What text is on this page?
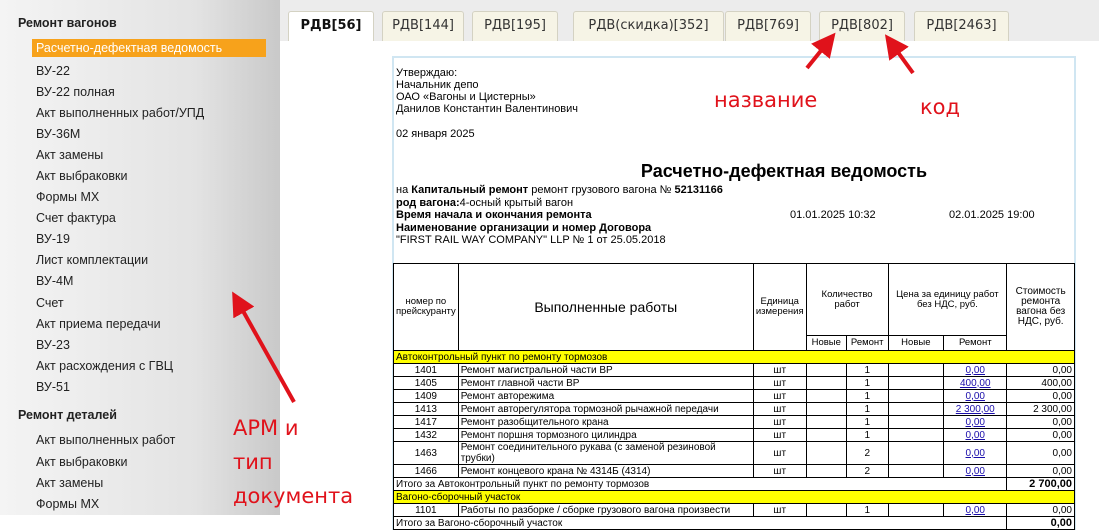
Ремонт вагонов
Расчетно-дефектная ведомость
ВУ-22
ВУ-22 полная
Акт выполненных работ/УПД
ВУ-36М
Акт замены
Акт выбраковки
Формы МХ
Счет фактура
ВУ-19
Лист комплектации
ВУ-4М
Счет
Акт приема передачи
ВУ-23
Акт расхождения с ГВЦ
ВУ-51
Ремонт деталей
Акт выполненных работ
Акт выбраковки
Акт замены
Формы МХ
РДВ[56]	РДВ[144]	РДВ[195]	РДВ(скидка)[352]	РДВ[769]	РДВ[802]	РДВ[2463]
Утверждаю:
Начальник депо
ОАО «Вагоны и Цистерны»
Данилов Константин Валентинович
02 января 2025
Расчетно-дефектная ведомость
на Капитальный ремонт ремонт грузового вагона № 52131166
род вагона:4-осный крытый вагон
Время начала и окончания ремонта	01.01.2025 10:32	02.01.2025 19:00
Наименование организации и номер Договора
"FIRST RAIL WAY COMPANY" LLP № 1 от 25.05.2018
номер по прейскуранту	Выполненные работы	Единица измерения	Количество работ		Цена за единицу работ без НДС, руб.		Стоимость ремонта вагона без НДС, руб.
			Новые	Ремонт	Новые	Ремонт	
Автоконтрольный пункт по ремонту тормозов							
1401	Ремонт магистральной части ВР	шт		1		0,00	0,00
1405	Ремонт главной части ВР	шт		1		400,00	400,00
1409	Ремонт авторежима	шт		1		0,00	0,00
1413	Ремонт авторегулятора тормозной рычажной передачи	шт		1		2 300,00	2 300,00
1417	Ремонт разобщительного крана	шт		1		0,00	0,00
1432	Ремонт поршня тормозного цилиндра	шт		1		0,00	0,00
1463	Ремонт соединительного рукава (с заменой резиновой трубки)	шт		2		0,00	0,00
1466	Ремонт концевого крана № 4314Б (4314)	шт		2		0,00	0,00
Итого за Автоконтрольный пункт по ремонту тормозов							2 700,00
Вагоно-сборочный участок							
1101	Работы по разборке / сборке грузового вагона произвести	шт		1		0,00	0,00
Итого за Вагоно-сборочный участок							0,00
название	код
АРМ и
тип
документа
